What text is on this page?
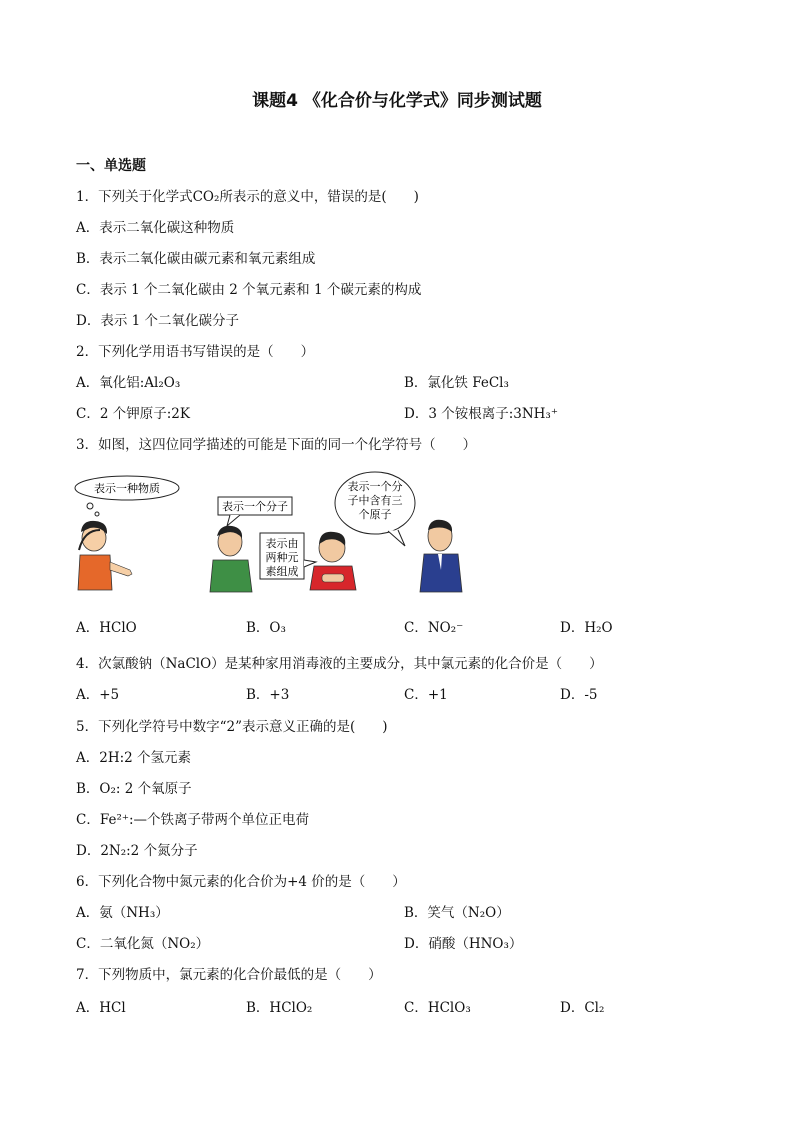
课题4 《化合价与化学式》同步测试题
一、单选题
1．下列关于化学式CO₂所表示的意义中，错误的是(　　)
A．表示二氧化碳这种物质
B．表示二氧化碳由碳元素和氧元素组成
C．表示 1 个二氧化碳由 2 个氧元素和 1 个碳元素的构成
D．表示 1 个二氧化碳分子
2．下列化学用语书写错误的是（　　）
A．氧化铝:Al₂O₃	B．氯化铁 FeCl₃
C．2 个钾原子:2K	D．3 个铵根离子:3NH₃⁺
3．如图，这四位同学描述的可能是下面的同一个化学符号（　　）
表示一种物质
表示一个分子
表示由
两种元
素组成
表示一个分
子中含有三
个原子
A．HClO	B．O₃	C．NO₂⁻	D．H₂O
4．次氯酸钠（NaClO）是某种家用消毒液的主要成分，其中氯元素的化合价是（　　）
A．+5	B．+3	C．+1	D．-5
5．下列化学符号中数字“2”表示意义正确的是(　　)
A．2H:2 个氢元素
B．O₂: 2 个氧原子
C．Fe²⁺:—个铁离子带两个单位正电荷
D．2N₂:2 个氮分子
6．下列化合物中氮元素的化合价为+4 价的是（　　）
A．氨（NH₃）	B．笑气（N₂O）
C．二氧化氮（NO₂）	D．硝酸（HNO₃）
7．下列物质中，氯元素的化合价最低的是（　　）
A．HCl	B．HClO₂	C．HClO₃	D．Cl₂
